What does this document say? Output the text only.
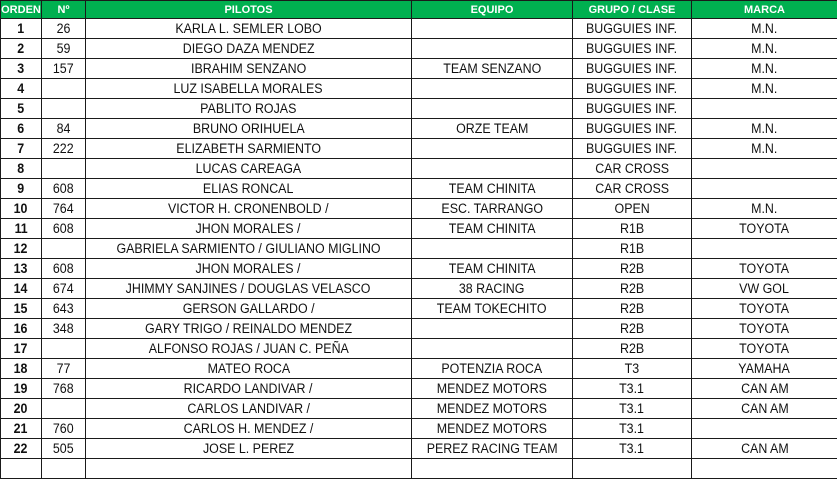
ORDEN	Nº	PILOTOS	EQUIPO	GRUPO / CLASE	MARCA
1	26	KARLA L. SEMLER LOBO		BUGGUIES INF.	M.N.
2	59	DIEGO DAZA MENDEZ		BUGGUIES INF.	M.N.
3	157	IBRAHIM SENZANO	TEAM SENZANO	BUGGUIES INF.	M.N.
4		LUZ ISABELLA MORALES		BUGGUIES INF.	M.N.
5		PABLITO ROJAS		BUGGUIES INF.	
6	84	BRUNO ORIHUELA	ORZE TEAM	BUGGUIES INF.	M.N.
7	222	ELIZABETH SARMIENTO		BUGGUIES INF.	M.N.
8		LUCAS CAREAGA		CAR CROSS	
9	608	ELIAS RONCAL	TEAM CHINITA	CAR CROSS	
10	764	VICTOR H. CRONENBOLD /	ESC. TARRANGO	OPEN	M.N.
11	608	JHON MORALES /	TEAM CHINITA	R1B	TOYOTA
12		GABRIELA SARMIENTO / GIULIANO MIGLINO		R1B	
13	608	JHON MORALES /	TEAM CHINITA	R2B	TOYOTA
14	674	JHIMMY SANJINES / DOUGLAS VELASCO	38 RACING	R2B	VW GOL
15	643	GERSON GALLARDO /	TEAM TOKECHITO	R2B	TOYOTA
16	348	GARY TRIGO / REINALDO MENDEZ		R2B	TOYOTA
17		ALFONSO ROJAS / JUAN C. PEÑA		R2B	TOYOTA
18	77	MATEO ROCA	POTENZIA ROCA	T3	YAMAHA
19	768	RICARDO LANDIVAR /	MENDEZ MOTORS	T3.1	CAN AM
20		CARLOS LANDIVAR /	MENDEZ MOTORS	T3.1	CAN AM
21	760	CARLOS H. MENDEZ /	MENDEZ MOTORS	T3.1	
22	505	JOSE L. PEREZ	PEREZ RACING TEAM	T3.1	CAN AM
